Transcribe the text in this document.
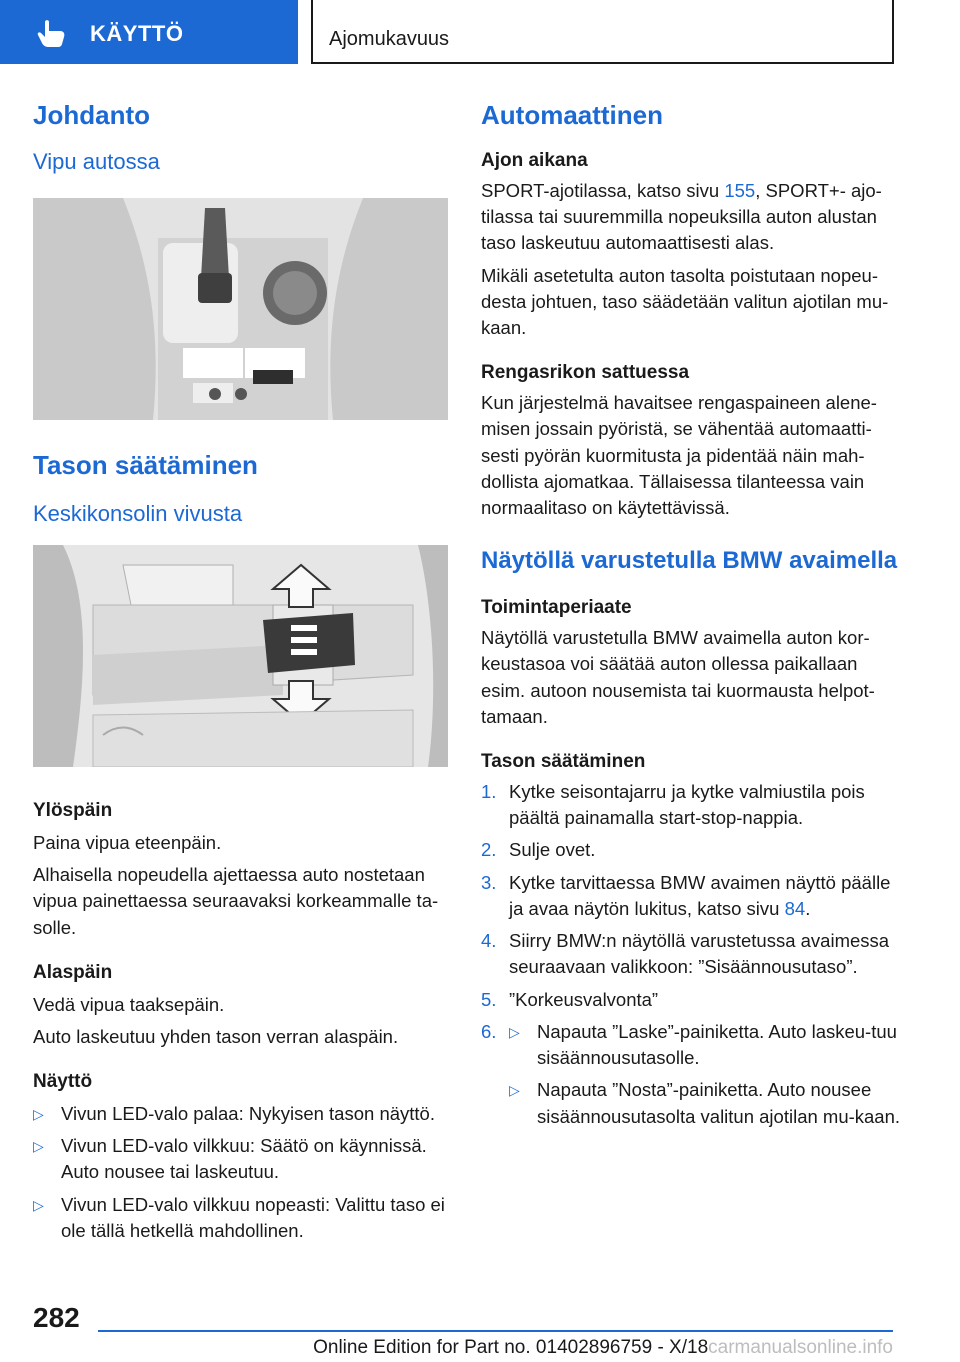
KÄYTTÖ	Ajomukavuus
Johdanto
Vipu autossa
Tason säätäminen
Keskikonsolin vivusta
Ylöspäin

Paina vipua eteenpäin.

Alhaisella nopeudella ajettaessa auto nostetaan vipua painettaessa seuraavaksi korkeammalle ta-solle.

Alaspäin

Vedä vipua taaksepäin.

Auto laskeutuu yhden tason verran alaspäin.

Näyttö
▷ Vivun LED-valo palaa: Nykyisen tason näyttö.
▷ Vivun LED-valo vilkkuu: Säätö on käynnissä. Auto nousee tai laskeutuu.
▷ Vivun LED-valo vilkkuu nopeasti: Valittu taso ei ole tällä hetkellä mahdollinen.
Automaattinen
Ajon aikana

SPORT-ajotilassa, katso sivu 155, SPORT+- ajo-tilassa tai suuremmilla nopeuksilla auton alustan taso laskeutuu automaattisesti alas.

Mikäli asetetulta auton tasolta poistutaan nopeu-desta johtuen, taso säädetään valitun ajotilan mu-kaan.

Rengasrikon sattuessa

Kun järjestelmä havaitsee rengaspaineen alene-misen jossain pyöristä, se vähentää automaatti-sesti pyörän kuormitusta ja pidentää näin mah-dollista ajomatkaa. Tällaisessa tilanteessa vain normaalitaso on käytettävissä.

Näytöllä varustetulla BMW avaimella
Toimintaperiaate

Näytöllä varustetulla BMW avaimella auton kor-keustasoa voi säätää auton ollessa paikallaan esim. autoon nousemista tai kuormausta helpot-tamaan.

Tason säätäminen
1. Kytke seisontajarru ja kytke valmiustila pois päältä painamalla start-stop-nappia.
2. Sulje ovet.
3. Kytke tarvittaessa BMW avaimen näyttö päälle ja avaa näytön lukitus, katso sivu 84.
4. Siirry BMW:n näytöllä varustetussa avaimessa seuraavaan valikkoon: ”Sisäännousutaso”.
5. ”Korkeusvalvonta”
6. ▷ Napauta ”Laske”-painiketta. Auto laskeu-tuu sisäännousutasolle.
▷ Napauta ”Nosta”-painiketta. Auto nousee sisäännousutasolta valitun ajotilan mu-kaan.
282
Online Edition for Part no. 01402896759 - X/18carmanualsonline.info
